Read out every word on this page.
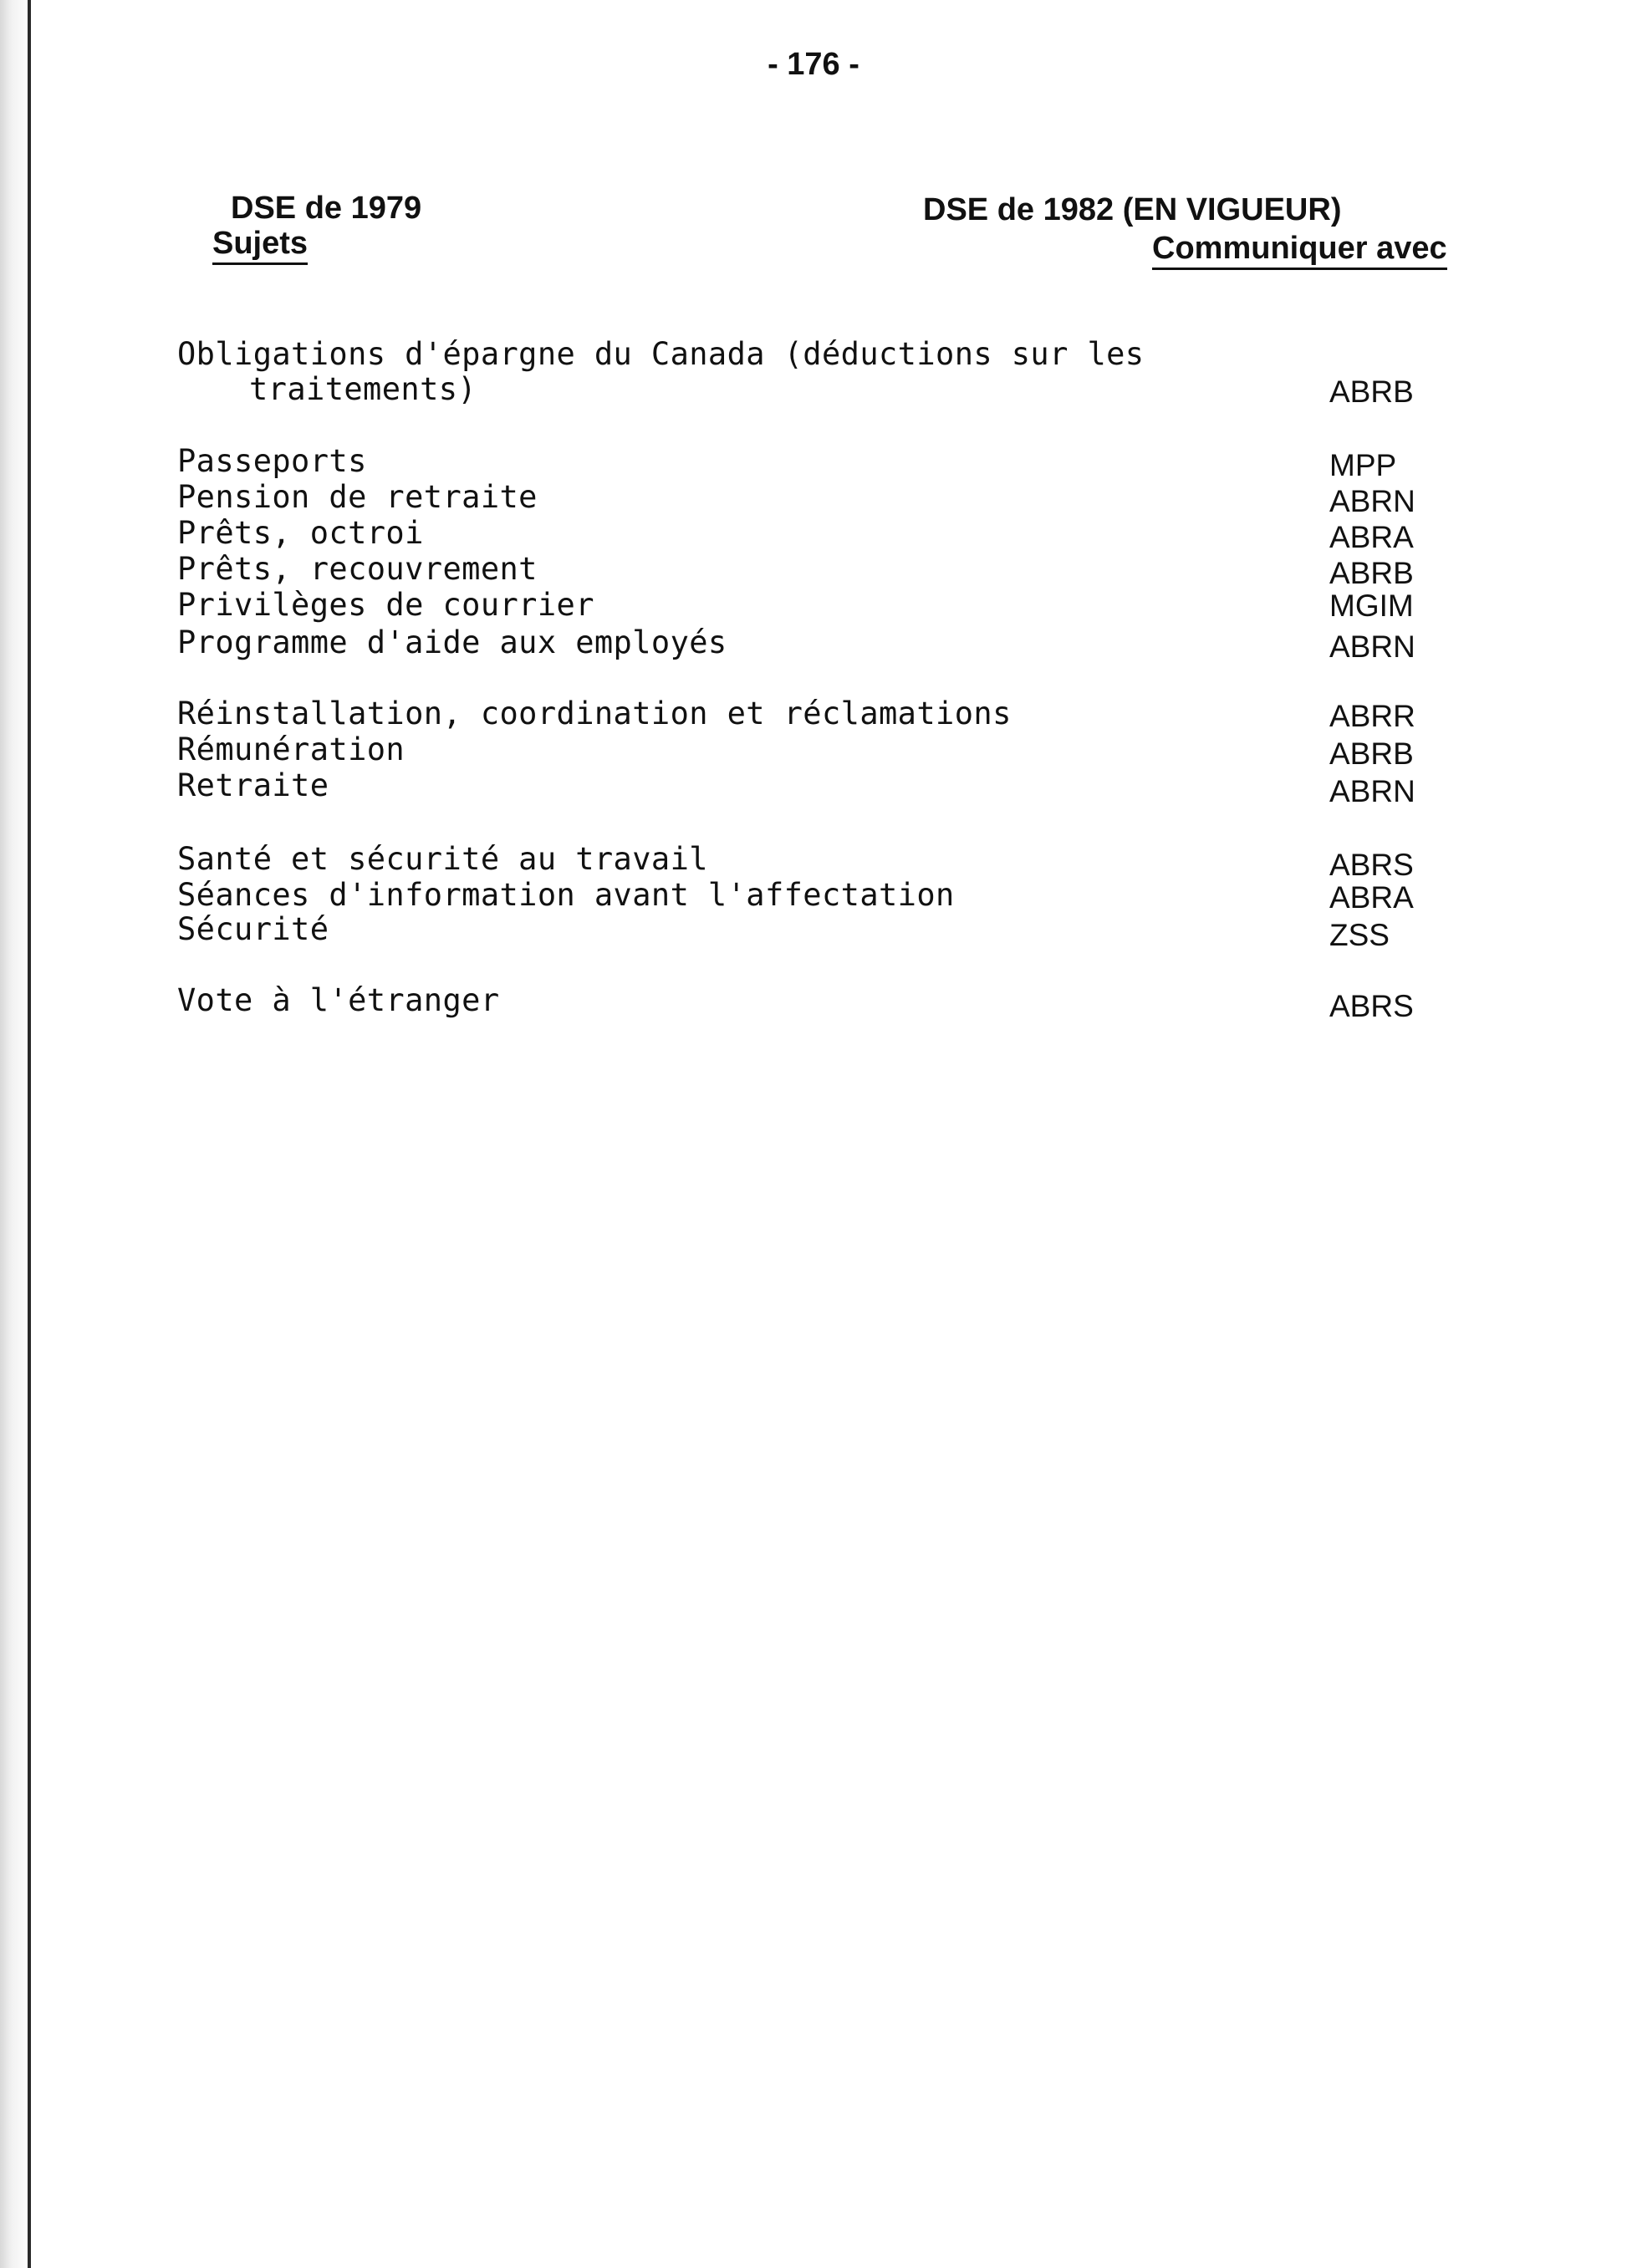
- 176 -
DSE de 1979
Sujets
DSE de 1982 (EN VIGUEUR)
Communiquer avec
Obligations d'épargne du Canada (déductions sur les
traitements)	ABRB
Passeports	MPP
Pension de retraite	ABRN
Prêts, octroi	ABRA
Prêts, recouvrement	ABRB
Privilèges de courrier	MGIM
Programme d'aide aux employés	ABRN
Réinstallation, coordination et réclamations	ABRR
Rémunération	ABRB
Retraite	ABRN
Santé et sécurité au travail	ABRS
Séances d'information avant l'affectation	ABRA
Sécurité	ZSS
Vote à l'étranger	ABRS
